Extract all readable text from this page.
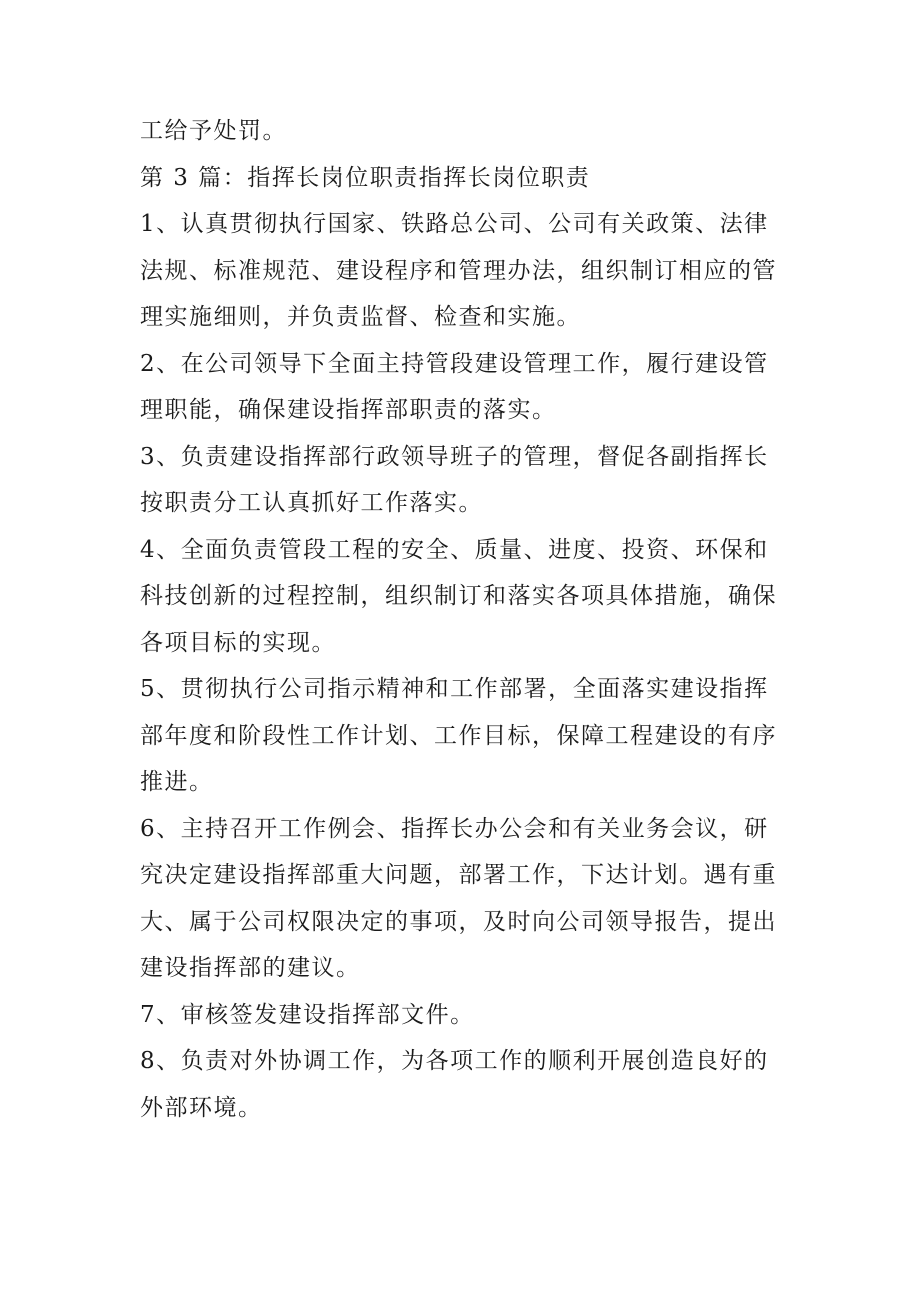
工给予处罚。
第 3 篇：指挥长岗位职责指挥长岗位职责
1、认真贯彻执行国家、铁路总公司、公司有关政策、法律
法规、标准规范、建设程序和管理办法，组织制订相应的管
理实施细则，并负责监督、检查和实施。
2、在公司领导下全面主持管段建设管理工作，履行建设管
理职能，确保建设指挥部职责的落实。
3、负责建设指挥部行政领导班子的管理，督促各副指挥长
按职责分工认真抓好工作落实。
4、全面负责管段工程的安全、质量、进度、投资、环保和
科技创新的过程控制，组织制订和落实各项具体措施，确保
各项目标的实现。
5、贯彻执行公司指示精神和工作部署，全面落实建设指挥
部年度和阶段性工作计划、工作目标，保障工程建设的有序
推进。
6、主持召开工作例会、指挥长办公会和有关业务会议，研
究决定建设指挥部重大问题，部署工作，下达计划。遇有重
大、属于公司权限决定的事项，及时向公司领导报告，提出
建设指挥部的建议。
7、审核签发建设指挥部文件。
8、负责对外协调工作，为各项工作的顺利开展创造良好的
外部环境。
